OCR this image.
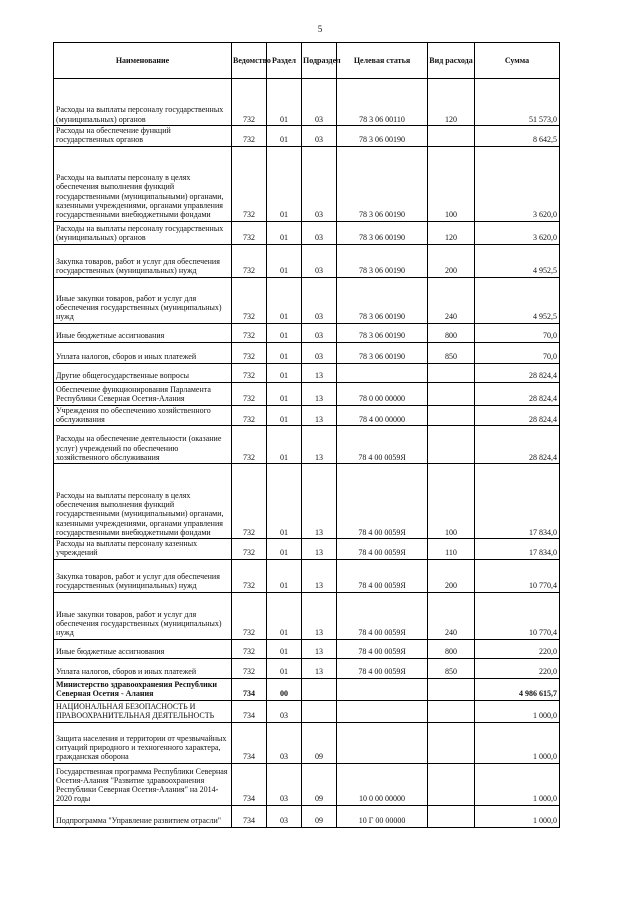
5
Наименование	Ведомство	Раздел	Подраздел	Целевая статья	Вид расхода	Сумма
Расходы на выплаты персоналу государственных (муниципальных) органов	732	01	03	78 3 06 00110	120	51 573,0
Расходы на обеспечение функций государственных органов	732	01	03	78 3 06 00190		8 642,5
Расходы на выплаты персоналу в целях обеспечения выполнения функций государственными (муниципальными) органами, казенными учреждениями, органами управления государственными внебюджетными фондами	732	01	03	78 3 06 00190	100	3 620,0
Расходы на выплаты персоналу государственных (муниципальных) органов	732	01	03	78 3 06 00190	120	3 620,0
Закупка товаров, работ и услуг для обеспечения государственных (муниципальных) нужд	732	01	03	78 3 06 00190	200	4 952,5
Иные закупки товаров, работ и услуг для обеспечения государственных (муниципальных) нужд	732	01	03	78 3 06 00190	240	4 952,5
Иные бюджетные ассигнования	732	01	03	78 3 06 00190	800	70,0
Уплата налогов, сборов и иных платежей	732	01	03	78 3 06 00190	850	70,0
Другие общегосударственные вопросы	732	01	13			28 824,4
Обеспечение функционирования Парламента Республики Северная Осетия-Алания	732	01	13	78 0 00 00000		28 824,4
Учреждения по обеспечению хозяйственного обслуживания	732	01	13	78 4 00 00000		28 824,4
Расходы на обеспечение деятельности (оказание услуг) учреждений по обеспечению хозяйственного обслуживания	732	01	13	78 4 00 0059Я		28 824,4
Расходы на выплаты персоналу в целях обеспечения выполнения функций государственными (муниципальными) органами, казенными учреждениями, органами управления государственными внебюджетными фондами	732	01	13	78 4 00 0059Я	100	17 834,0
Расходы на выплаты персоналу казенных учреждений	732	01	13	78 4 00 0059Я	110	17 834,0
Закупка товаров, работ и услуг для обеспечения государственных (муниципальных) нужд	732	01	13	78 4 00 0059Я	200	10 770,4
Иные закупки товаров, работ и услуг для обеспечения государственных (муниципальных) нужд	732	01	13	78 4 00 0059Я	240	10 770,4
Иные бюджетные ассигнования	732	01	13	78 4 00 0059Я	800	220,0
Уплата налогов, сборов и иных платежей	732	01	13	78 4 00 0059Я	850	220,0
Министерство здравоохранения Республики Северная Осетия - Алания	734	00				4 986 615,7
НАЦИОНАЛЬНАЯ БЕЗОПАСНОСТЬ И ПРАВООХРАНИТЕЛЬНАЯ ДЕЯТЕЛЬНОСТЬ	734	03				1 000,0
Защита населения и территории от чрезвычайных ситуаций природного и техногенного характера, гражданская оборона	734	03	09			1 000,0
Государственная программа Республики Северная Осетия-Алания "Развитие здравоохранения Республики Северная Осетия-Алания" на 2014-2020 годы	734	03	09	10 0 00 00000		1 000,0
Подпрограмма "Управление развитием отрасли"	734	03	09	10 Г 00 00000		1 000,0
